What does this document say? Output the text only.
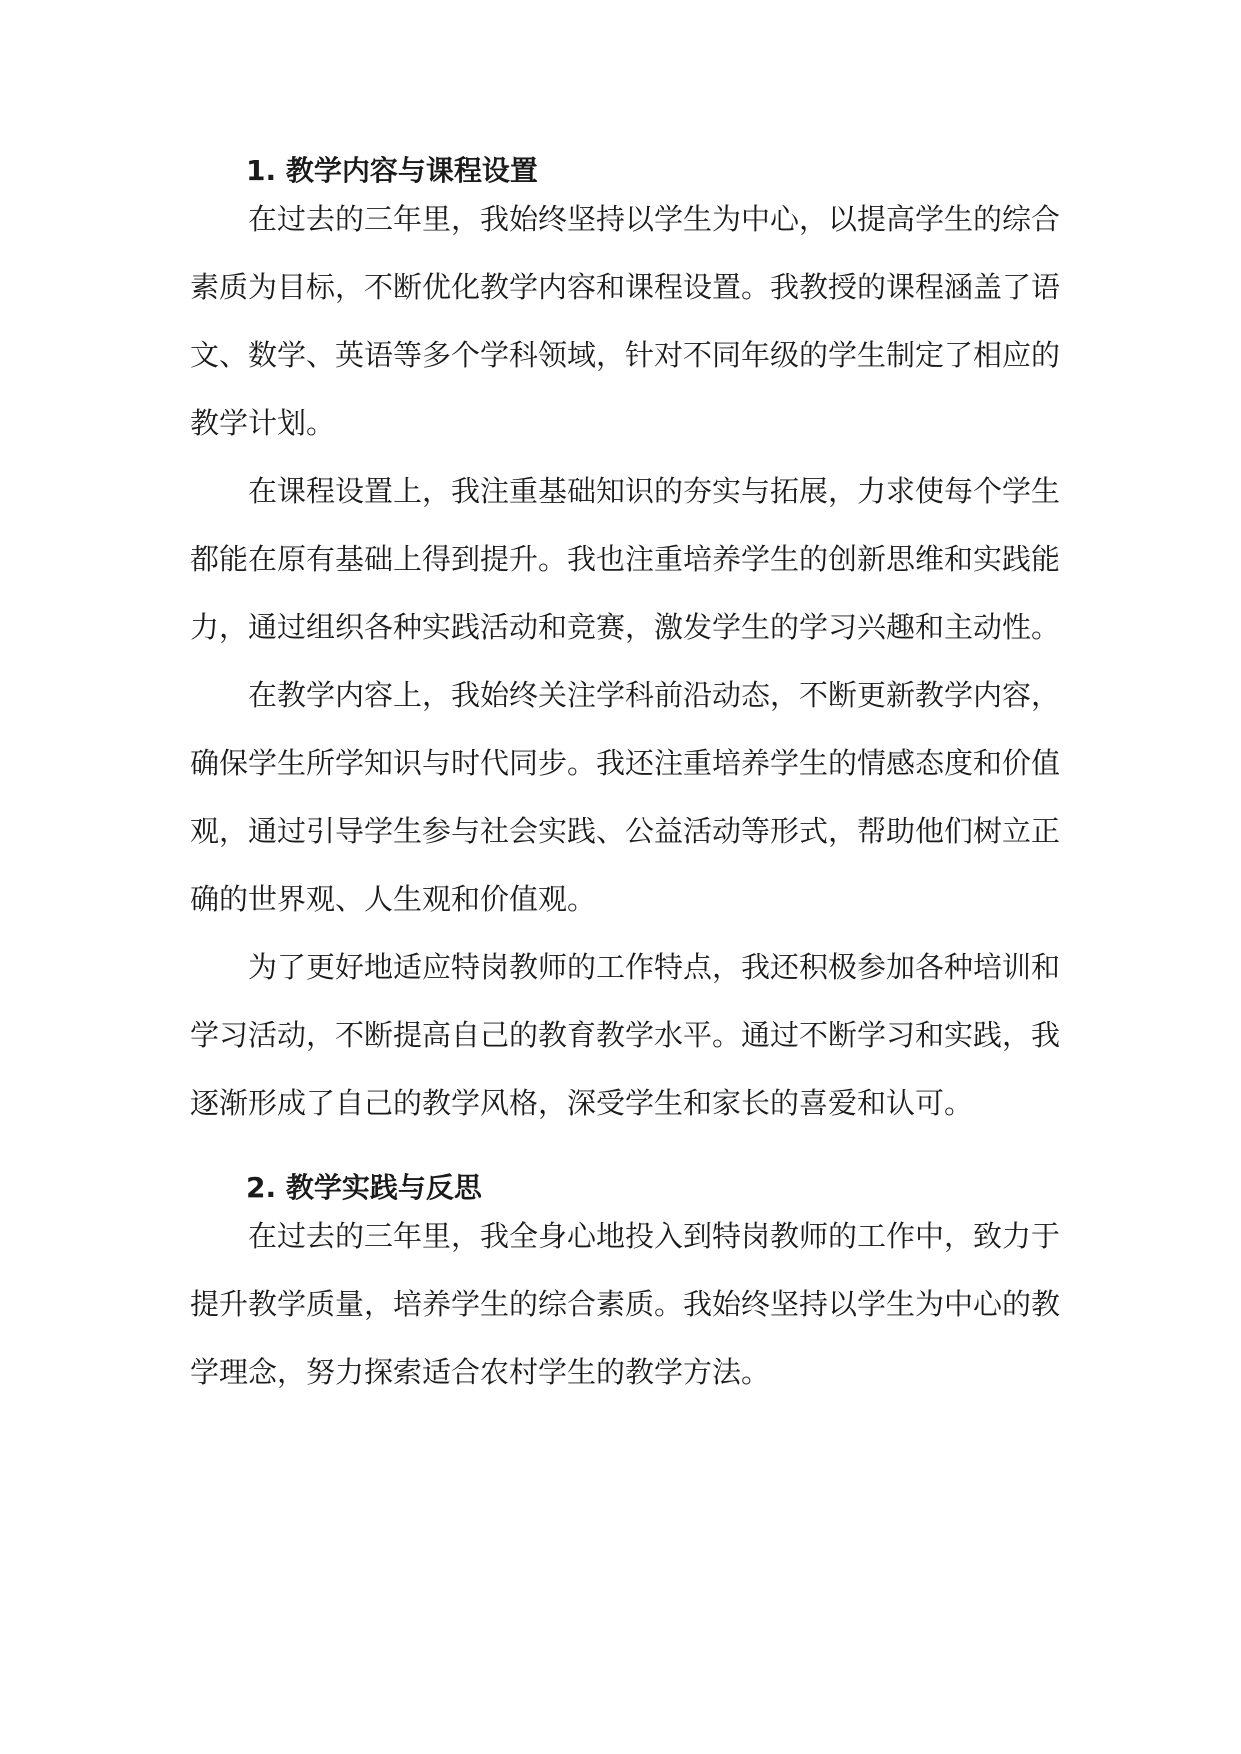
1. 教学内容与课程设置
在过去的三年里，我始终坚持以学生为中心，以提高学生的综合
素质为目标，不断优化教学内容和课程设置。我教授的课程涵盖了语
文、数学、英语等多个学科领域，针对不同年级的学生制定了相应的
教学计划。
在课程设置上，我注重基础知识的夯实与拓展，力求使每个学生
都能在原有基础上得到提升。我也注重培养学生的创新思维和实践能
力，通过组织各种实践活动和竞赛，激发学生的学习兴趣和主动性。
在教学内容上，我始终关注学科前沿动态，不断更新教学内容，
确保学生所学知识与时代同步。我还注重培养学生的情感态度和价值
观，通过引导学生参与社会实践、公益活动等形式，帮助他们树立正
确的世界观、人生观和价值观。
为了更好地适应特岗教师的工作特点，我还积极参加各种培训和
学习活动，不断提高自己的教育教学水平。通过不断学习和实践，我
逐渐形成了自己的教学风格，深受学生和家长的喜爱和认可。
2. 教学实践与反思
在过去的三年里，我全身心地投入到特岗教师的工作中，致力于
提升教学质量，培养学生的综合素质。我始终坚持以学生为中心的教
学理念，努力探索适合农村学生的教学方法。
